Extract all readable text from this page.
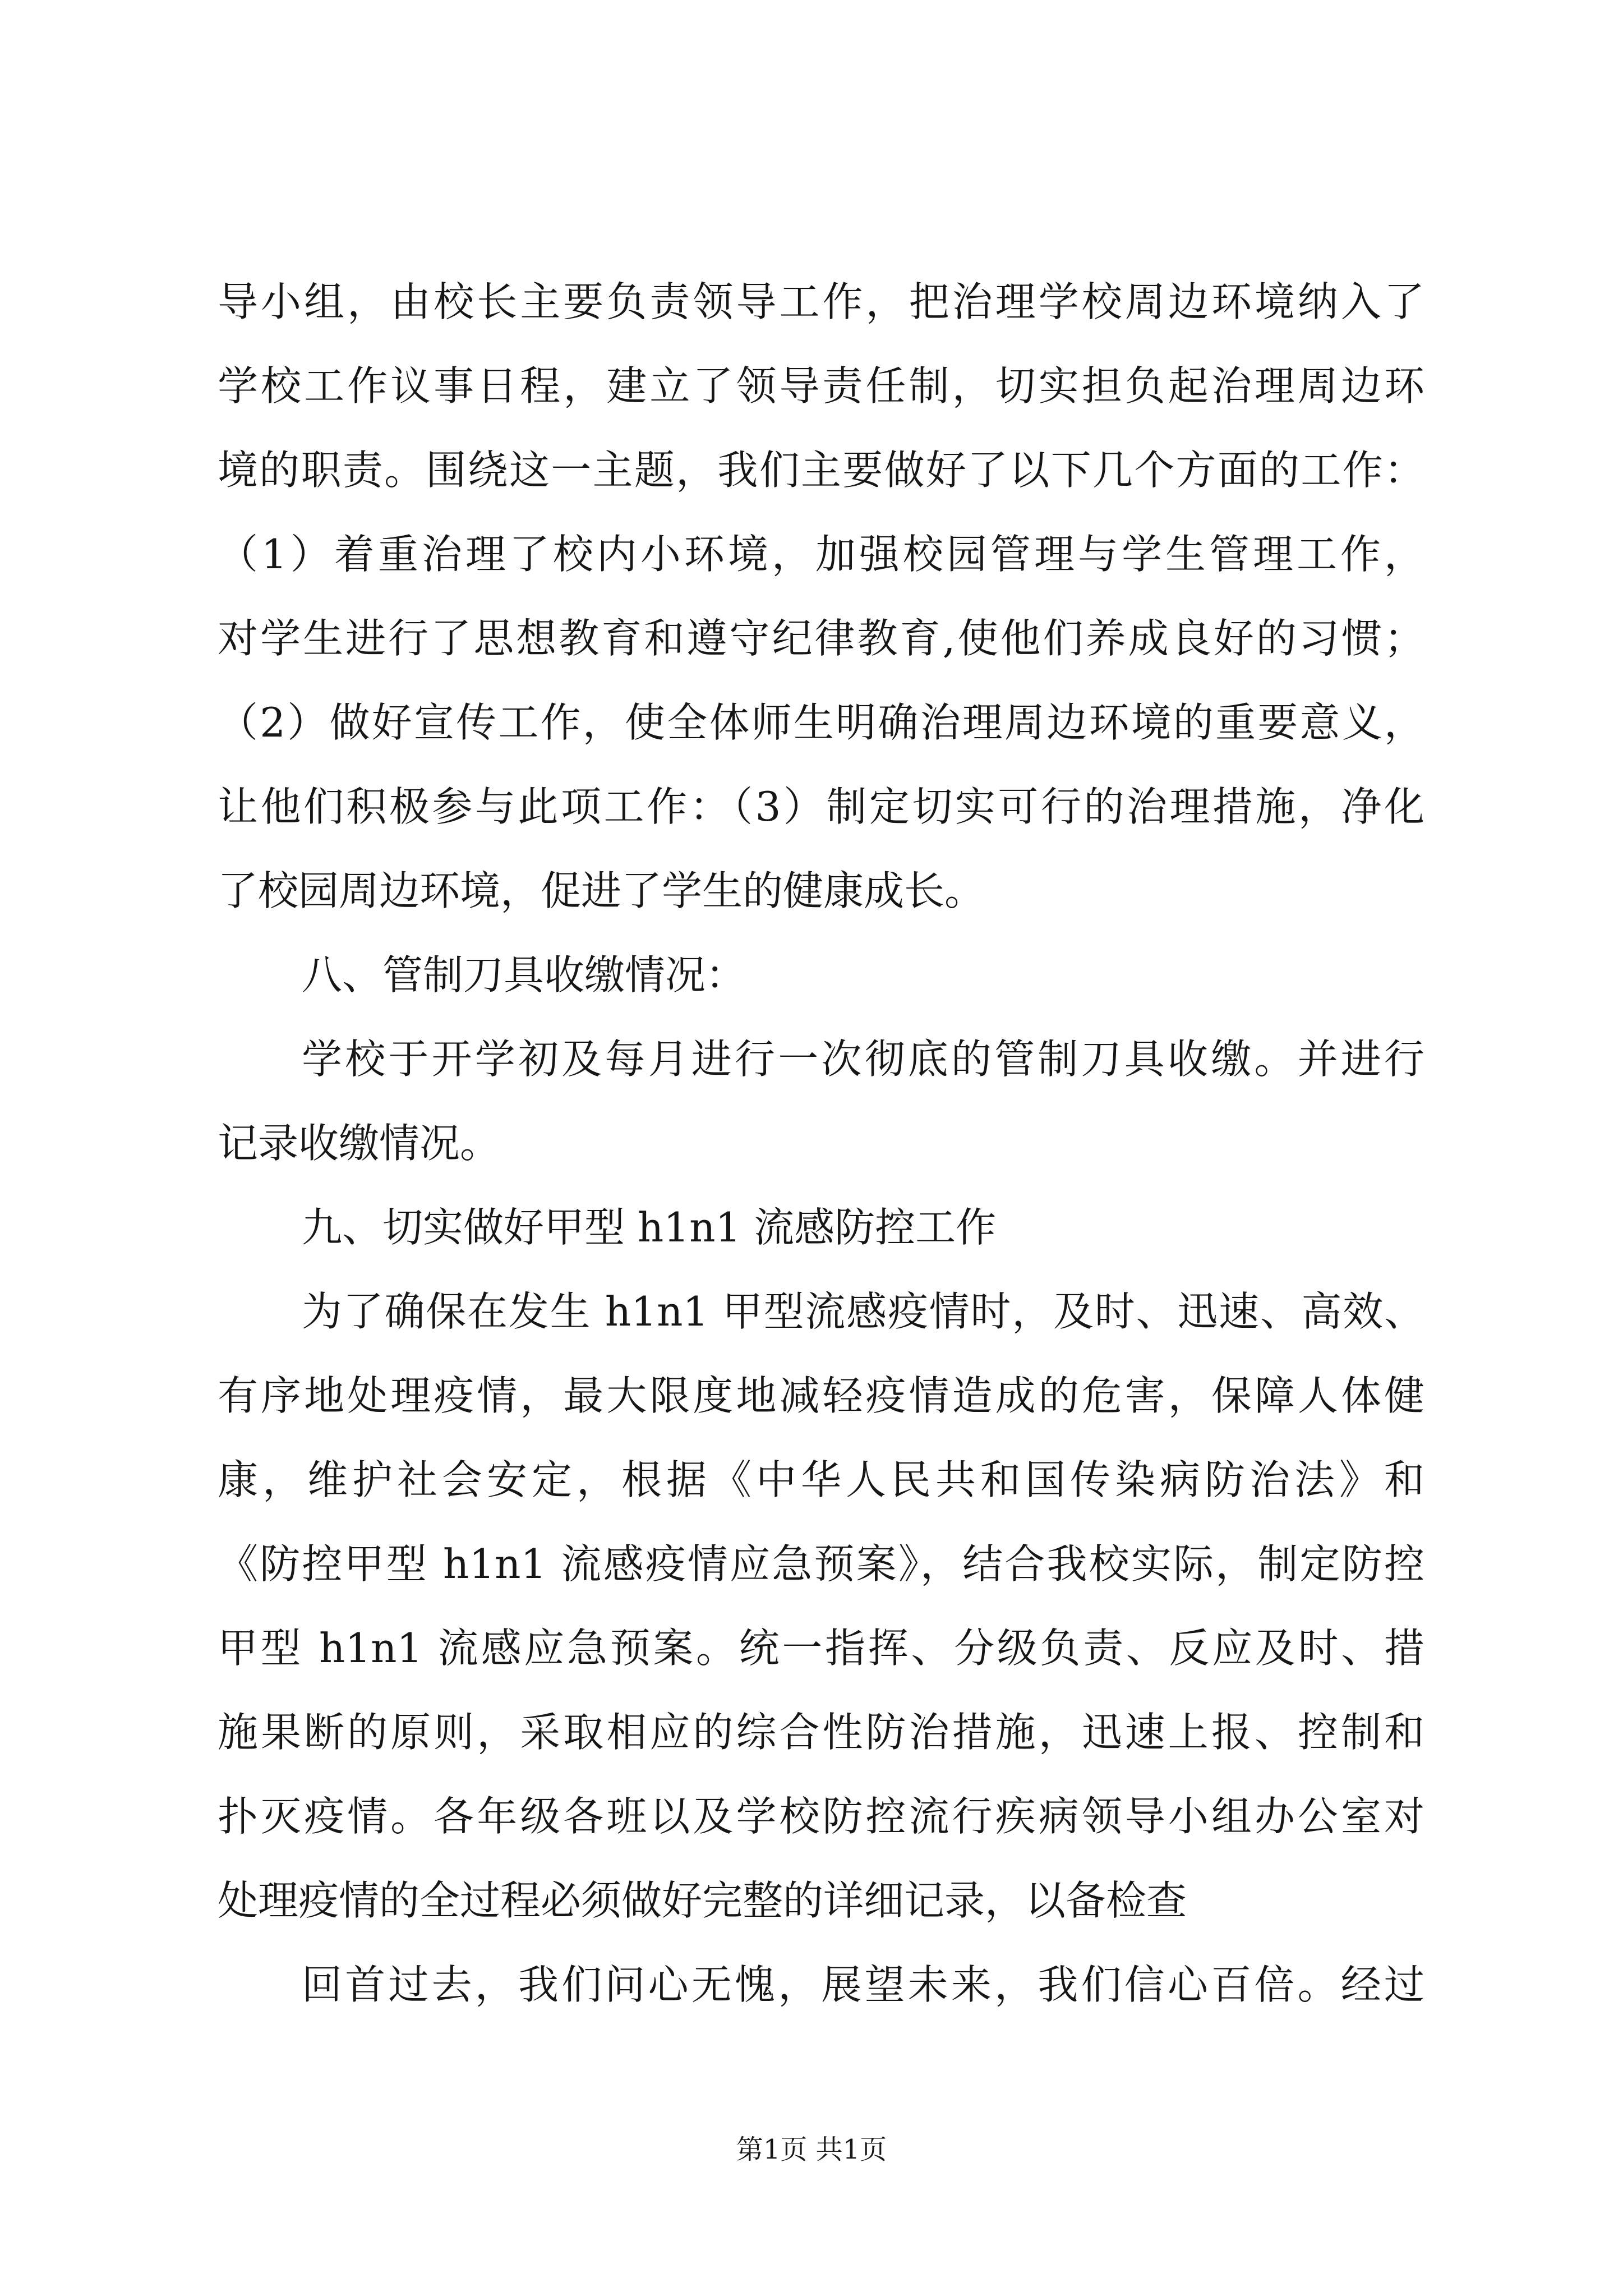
导小组，由校长主要负责领导工作，把治理学校周边环境纳入了
学校工作议事日程，建立了领导责任制，切实担负起治理周边环
境的职责。围绕这一主题，我们主要做好了以下几个方面的工作：
（1）着重治理了校内小环境，加强校园管理与学生管理工作，
对学生进行了思想教育和遵守纪律教育,使他们养成良好的习惯；
（2）做好宣传工作，使全体师生明确治理周边环境的重要意义，
让他们积极参与此项工作：（3）制定切实可行的治理措施，净化
了校园周边环境，促进了学生的健康成长。
八、管制刀具收缴情况：
学校于开学初及每月进行一次彻底的管制刀具收缴。并进行
记录收缴情况。
九、切实做好甲型 h1n1 流感防控工作
为了确保在发生 h1n1 甲型流感疫情时，及时、迅速、高效、
有序地处理疫情，最大限度地减轻疫情造成的危害，保障人体健
康，维护社会安定，根据《中华人民共和国传染病防治法》和
《防控甲型 h1n1 流感疫情应急预案》，结合我校实际，制定防控
甲型 h1n1 流感应急预案。统一指挥、分级负责、反应及时、措
施果断的原则，采取相应的综合性防治措施，迅速上报、控制和
扑灭疫情。各年级各班以及学校防控流行疾病领导小组办公室对
处理疫情的全过程必须做好完整的详细记录，以备检查
回首过去，我们问心无愧，展望未来，我们信心百倍。经过
第1页 共1页
